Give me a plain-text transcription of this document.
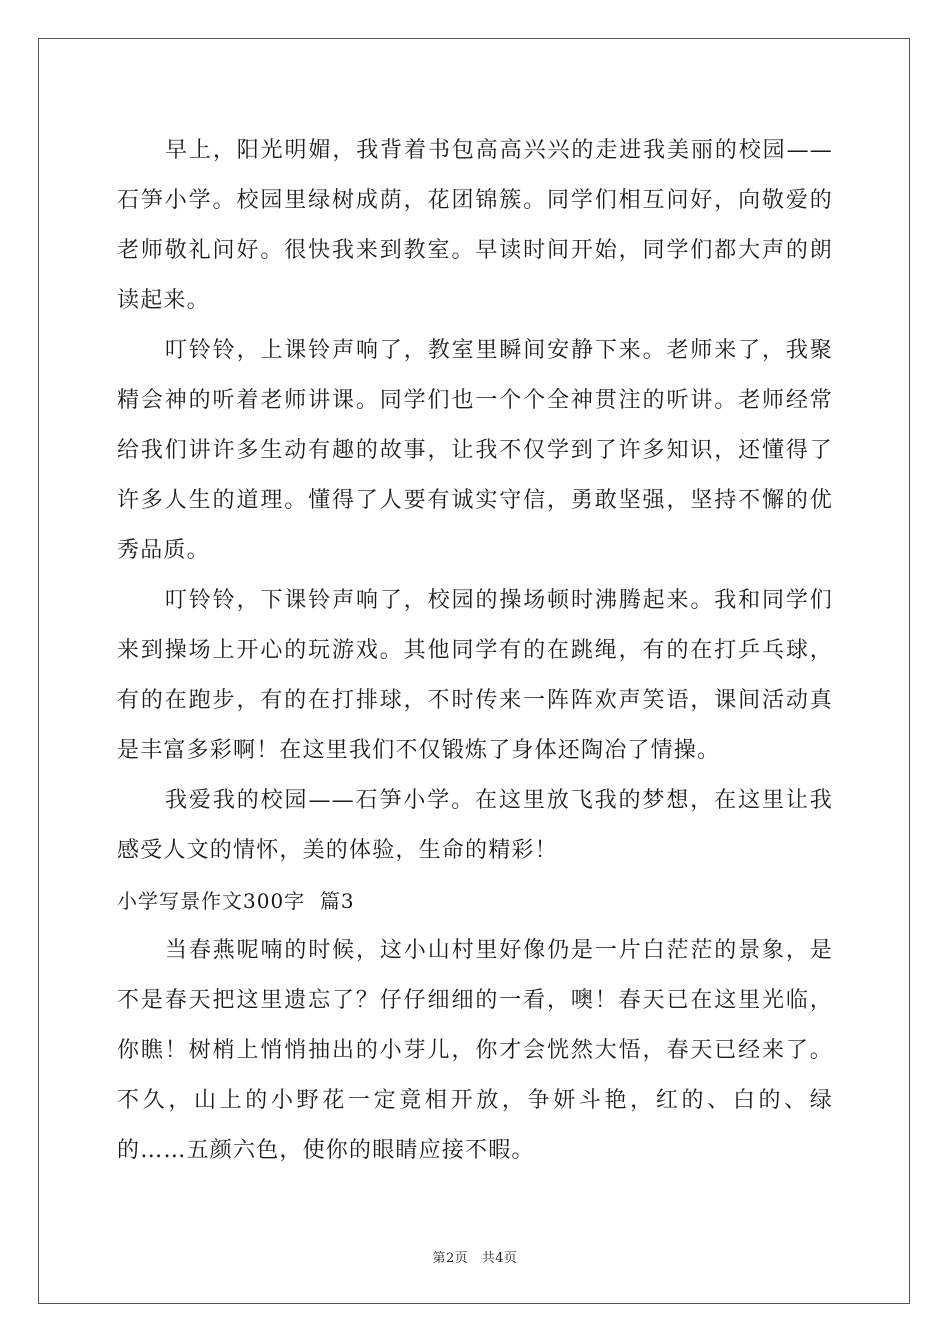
早上，阳光明媚，我背着书包高高兴兴的走进我美丽的校园——石笋小学。校园里绿树成荫，花团锦簇。同学们相互问好，向敬爱的老师敬礼问好。很快我来到教室。早读时间开始，同学们都大声的朗读起来。

叮铃铃，上课铃声响了，教室里瞬间安静下来。老师来了，我聚精会神的听着老师讲课。同学们也一个个全神贯注的听讲。老师经常给我们讲许多生动有趣的故事，让我不仅学到了许多知识，还懂得了许多人生的道理。懂得了人要有诚实守信，勇敢坚强，坚持不懈的优秀品质。

叮铃铃，下课铃声响了，校园的操场顿时沸腾起来。我和同学们来到操场上开心的玩游戏。其他同学有的在跳绳，有的在打乒乓球，有的在跑步，有的在打排球，不时传来一阵阵欢声笑语，课间活动真是丰富多彩啊！在这里我们不仅锻炼了身体还陶冶了情操。

我爱我的校园——石笋小学。在这里放飞我的梦想，在这里让我感受人文的情怀，美的体验，生命的精彩！

小学写景作文300字  篇3

当春燕呢喃的时候，这小山村里好像仍是一片白茫茫的景象，是不是春天把这里遗忘了？仔仔细细的一看，噢！春天已在这里光临，你瞧！树梢上悄悄抽出的小芽儿，你才会恍然大悟，春天已经来了。不久，山上的小野花一定竟相开放，争妍斗艳，红的、白的、绿的……五颜六色，使你的眼睛应接不暇。

第2页　共4页
